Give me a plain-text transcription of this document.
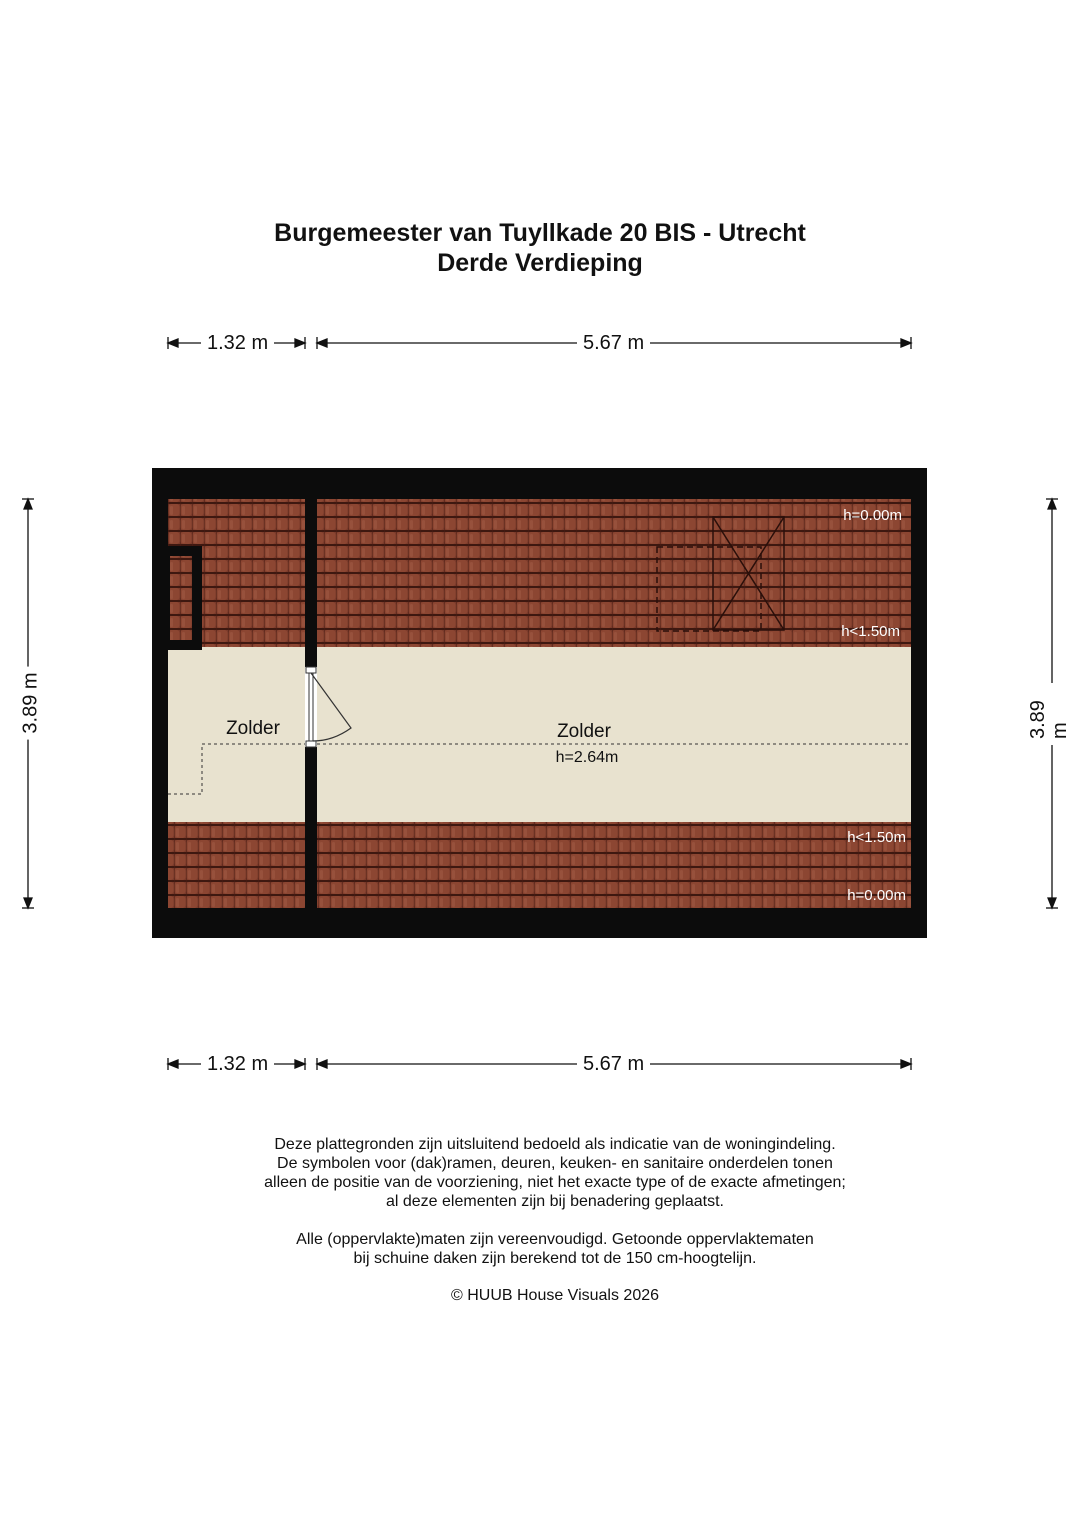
Burgemeester van Tuyllkade 20 BIS - Utrecht
Derde Verdieping
Zolder	Zolder
h=2.64m
h=0.00m
h<1.50m
h<1.50m
h=0.00m
1.32 m	5.67 m
1.32 m	5.67 m
3.89 m	3.89 m
Deze plattegronden zijn uitsluitend bedoeld als indicatie van de woningindeling.
De symbolen voor (dak)ramen, deuren, keuken- en sanitaire onderdelen tonen
alleen de positie van de voorziening, niet het exacte type of de exacte afmetingen;
al deze elementen zijn bij benadering geplaatst.
Alle (oppervlakte)maten zijn vereenvoudigd. Getoonde oppervlaktematen
bij schuine daken zijn berekend tot de 150 cm-hoogtelijn.
© HUUB House Visuals 2026
